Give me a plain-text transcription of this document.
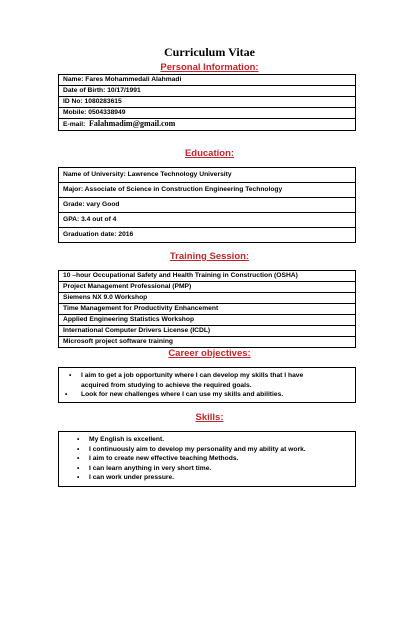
Curriculum Vitae
Personal Information:
Name: Fares Mohammedali Alahmadi
Date of Birth: 10/17/1991
ID No: 1080283615
Mobile: 0504338949
E-mail: Falahmadim@gmail.com
Education:
Name of University: Lawrence Technology University
Major: Associate of Science in Construction Engineering Technology
Grade: vary Good
GPA: 3.4 out of 4
Graduation date: 2016
Training Session:
10 –hour Occupational Safety and Health Training in Construction (OSHA)
Project Management Professional (PMP)
Siemens NX 9.0 Workshop
Time Management for Productivity Enhancement
Applied Engineering Statistics Workshop
International Computer Drivers License (ICDL)
Microsoft project software training
Career objectives:
• I aim to get a job opportunity where I can develop my skills that I have
acquired from studying to achieve the required goals.
• Look for new challenges where I can use my skills and abilities.
Skills:
• My English is excellent.
• I continuously aim to develop my personality and my ability at work.
• I aim to create new effective teaching Methods.
• I can learn anything in very short time.
• I can work under pressure.
